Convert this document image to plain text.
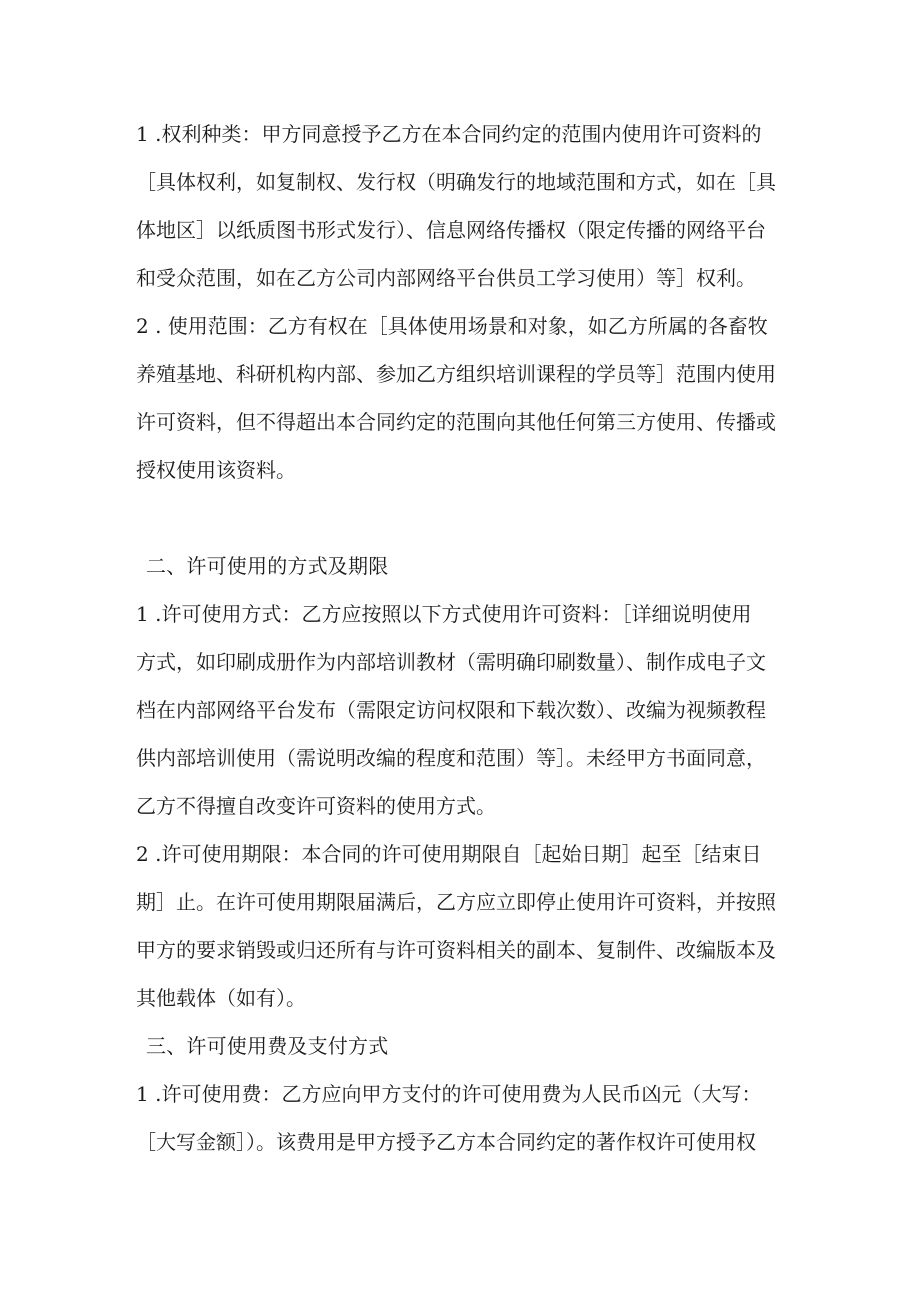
1 .权利种类：甲方同意授予乙方在本合同约定的范围内使用许可资料的

［具体权利，如复制权、发行权（明确发行的地域范围和方式，如在［具

体地区］以纸质图书形式发行）、信息网络传播权（限定传播的网络平台

和受众范围，如在乙方公司内部网络平台供员工学习使用）等］权利。

2 . 使用范围：乙方有权在［具体使用场景和对象，如乙方所属的各畜牧

养殖基地、科研机构内部、参加乙方组织培训课程的学员等］范围内使用

许可资料，但不得超出本合同约定的范围向其他任何第三方使用、传播或

授权使用该资料。

二、许可使用的方式及期限

1 .许可使用方式：乙方应按照以下方式使用许可资料：［详细说明使用

方式，如印刷成册作为内部培训教材（需明确印刷数量）、制作成电子文

档在内部网络平台发布（需限定访问权限和下载次数）、改编为视频教程

供内部培训使用（需说明改编的程度和范围）等］。未经甲方书面同意，

乙方不得擅自改变许可资料的使用方式。

2 .许可使用期限：本合同的许可使用期限自［起始日期］起至［结束日

期］止。在许可使用期限届满后，乙方应立即停止使用许可资料，并按照

甲方的要求销毁或归还所有与许可资料相关的副本、复制件、改编版本及

其他载体（如有）。

三、许可使用费及支付方式

1 .许可使用费：乙方应向甲方支付的许可使用费为人民币凶元（大写：

［大写金额］）。该费用是甲方授予乙方本合同约定的著作权许可使用权
